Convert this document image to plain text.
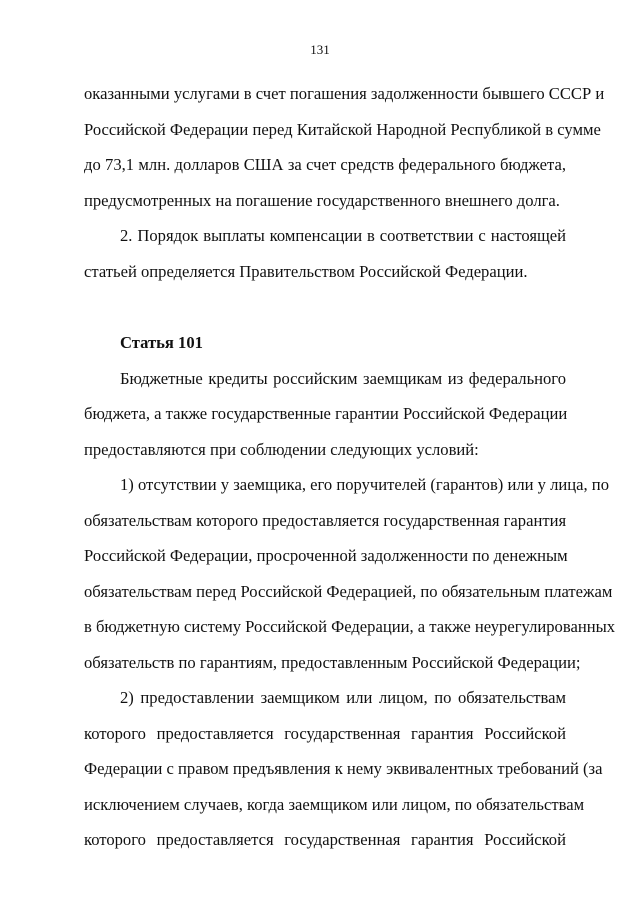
131
оказанными услугами в счет погашения задолженности бывшего СССР и
Российской Федерации перед Китайской Народной Республикой в сумме
до 73,1 млн. долларов США за счет средств федерального бюджета,
предусмотренных на погашение государственного внешнего долга.
2. Порядок выплаты компенсации в соответствии с настоящей
статьей определяется Правительством Российской Федерации.
Статья 101
Бюджетные кредиты российским заемщикам из федерального
бюджета, а также государственные гарантии Российской Федерации
предоставляются при соблюдении следующих условий:
1) отсутствии у заемщика, его поручителей (гарантов) или у лица, по
обязательствам которого предоставляется государственная гарантия
Российской Федерации, просроченной задолженности по денежным
обязательствам перед Российской Федерацией, по обязательным платежам
в бюджетную систему Российской Федерации, а также неурегулированных
обязательств по гарантиям, предоставленным Российской Федерации;
2) предоставлении заемщиком или лицом, по обязательствам
которого предоставляется государственная гарантия Российской
Федерации с правом предъявления к нему эквивалентных требований (за
исключением случаев, когда заемщиком или лицом, по обязательствам
которого предоставляется государственная гарантия Российской
